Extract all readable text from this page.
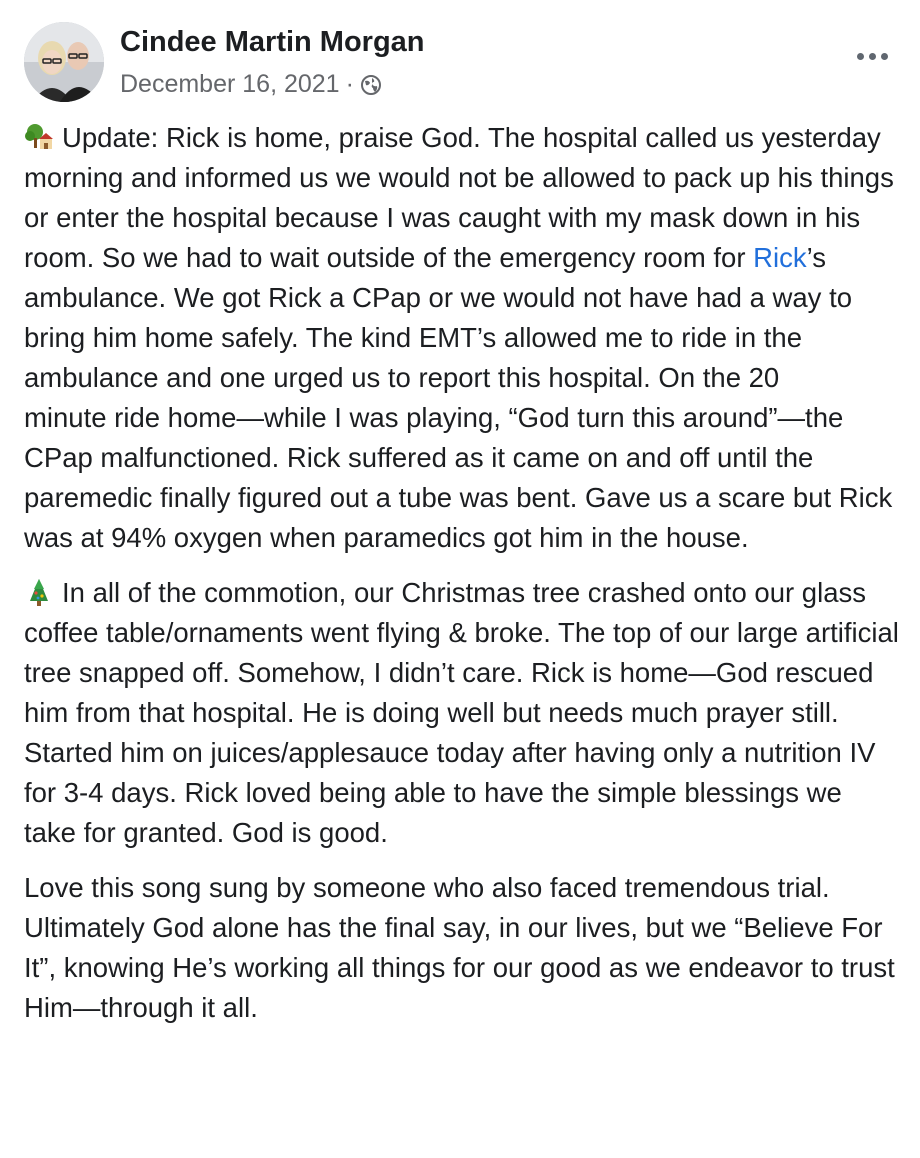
Cindee Martin Morgan
December 16, 2021 ·

Update: Rick is home, praise God. The hospital called us yesterday morning and informed us we would not be allowed to pack up his things or enter the hospital because I was caught with my mask down in his room. So we had to wait outside of the emergency room for Rick’s ambulance. We got Rick a CPap or we would not have had a way to bring him home safely. The kind EMT’s allowed me to ride in the ambulance and one urged us to report this hospital. On the 20
minute ride home—while I was playing, “God turn this around”—the CPap malfunctioned. Rick suffered as it came on and off until the paremedic finally figured out a tube was bent. Gave us a scare but Rick was at 94% oxygen when paramedics got him in the house.

In all of the commotion, our Christmas tree crashed onto our glass coffee table/ornaments went flying & broke. The top of our large artificial tree snapped off. Somehow, I didn’t care. Rick is home—God rescued him from that hospital. He is doing well but needs much prayer still. Started him on juices/applesauce today after having only a nutrition IV for 3-4 days. Rick loved being able to have the simple blessings we take for granted. God is good.

Love this song sung by someone who also faced tremendous trial. Ultimately God alone has the final say, in our lives, but we “Believe For It”, knowing He’s working all things for our good as we endeavor to trust Him—through it all.
